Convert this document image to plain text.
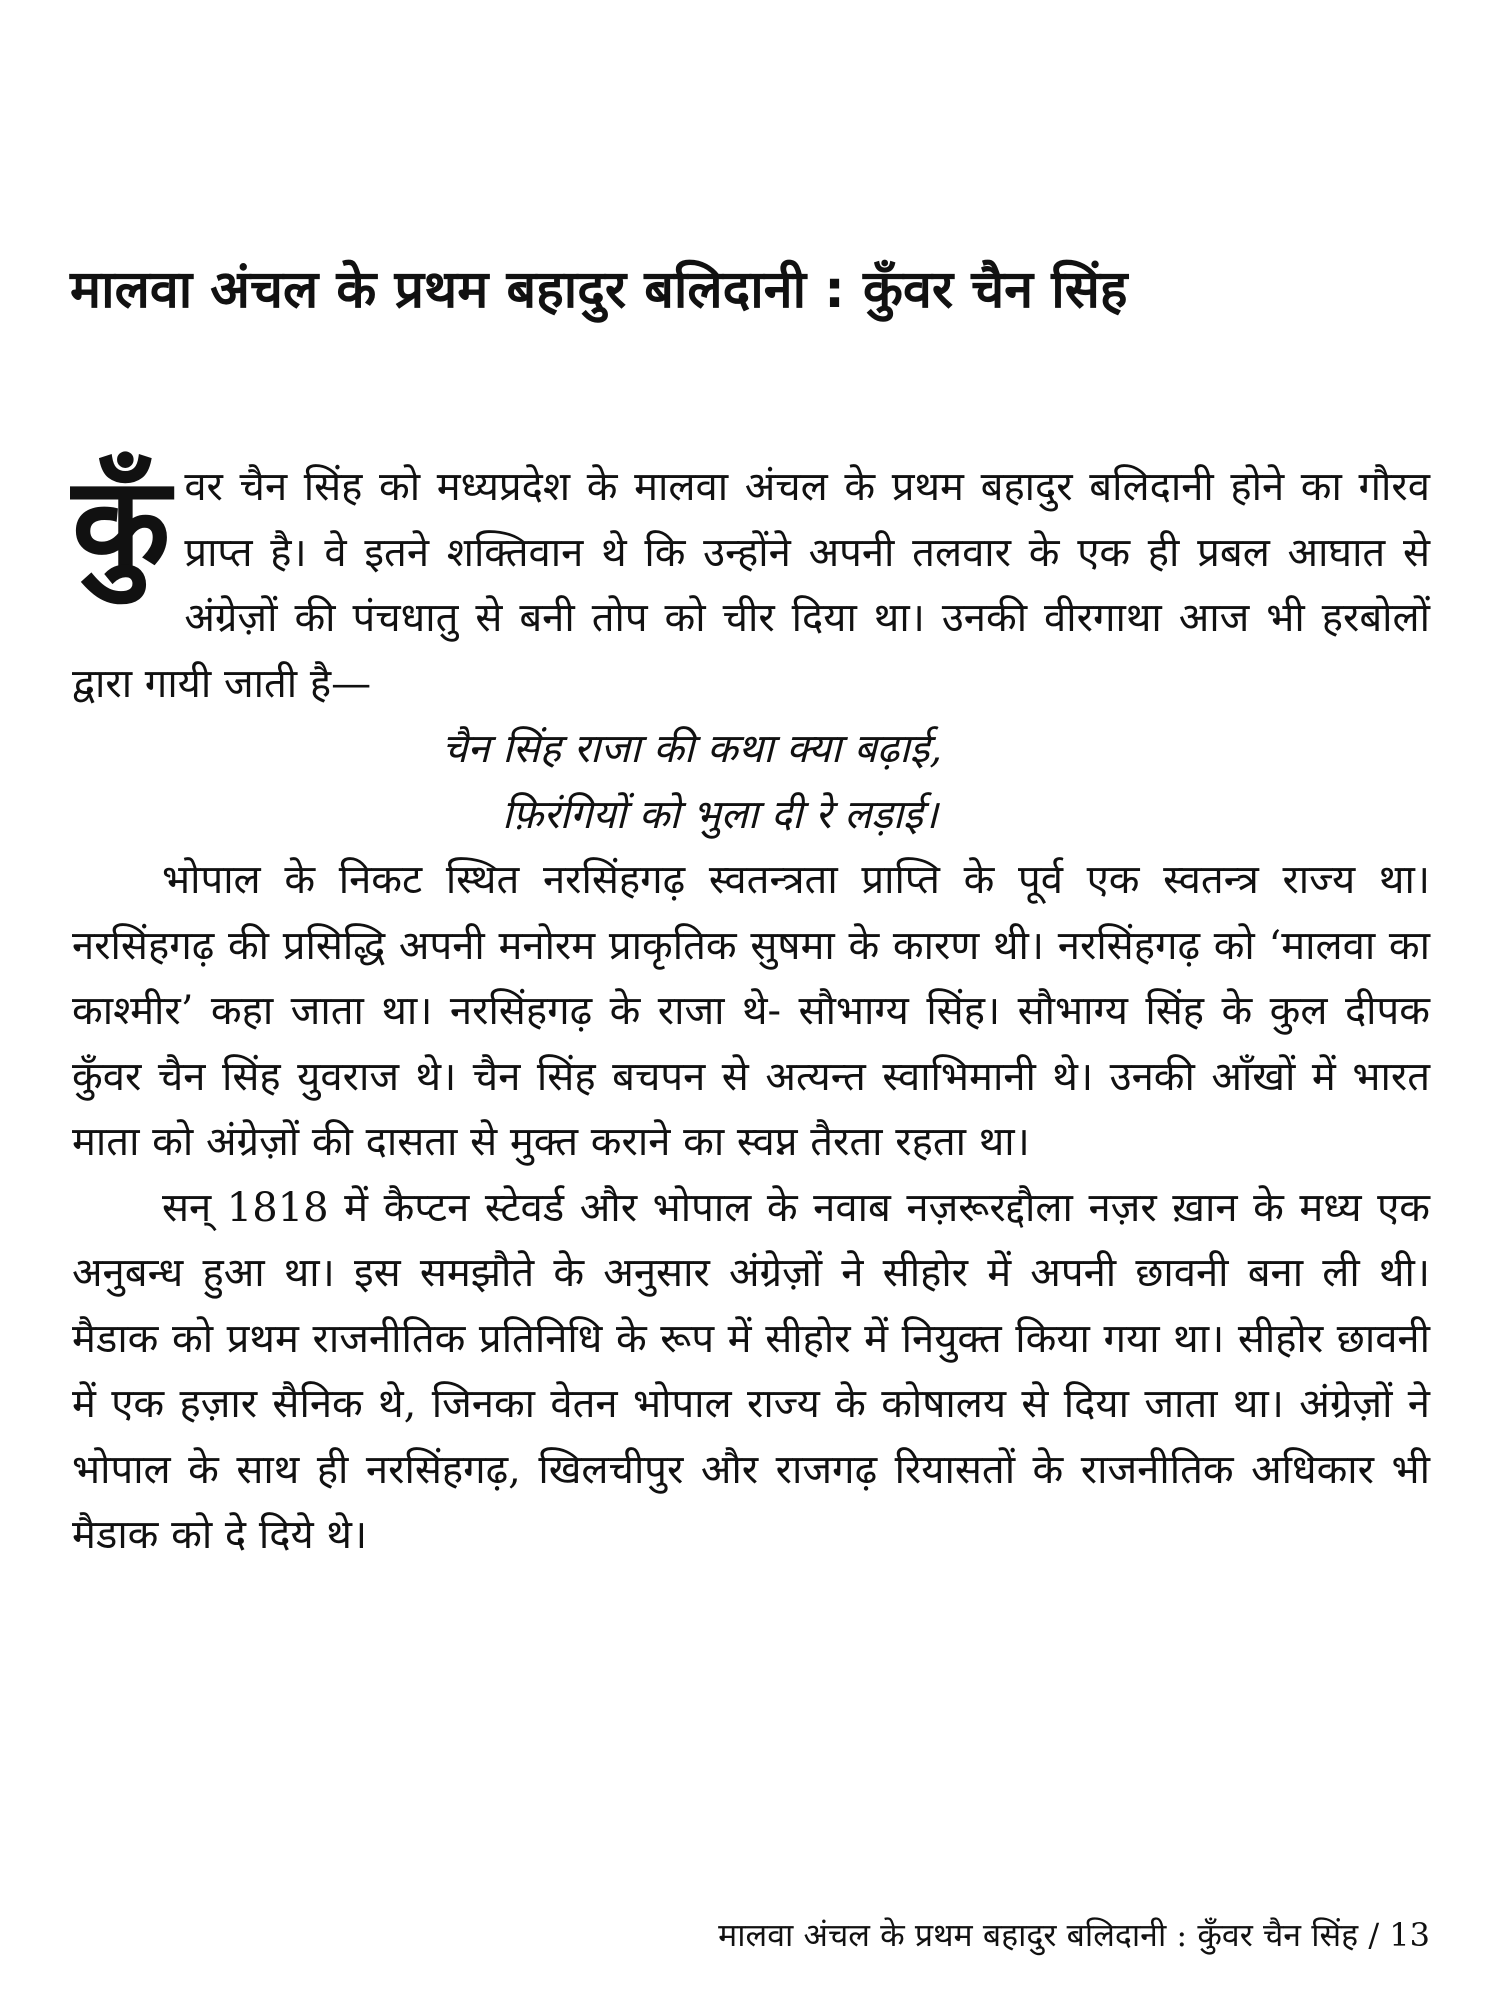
मालवा अंचल के प्रथम बहादुर बलिदानी : कुँवर चैन सिंह

कुँवर चैन सिंह को मध्यप्रदेश के मालवा अंचल के प्रथम बहादुर बलिदानी होने का गौरव प्राप्त है। वे इतने शक्तिवान थे कि उन्होंने अपनी तलवार के एक ही प्रबल आघात से अंग्रेज़ों की पंचधातु से बनी तोप को चीर दिया था। उनकी वीरगाथा आज भी हरबोलों द्वारा गायी जाती है—

चैन सिंह राजा की कथा क्या बढ़ाई,

फ़िरंगियों को भुला दी रे लड़ाई।

भोपाल के निकट स्थित नरसिंहगढ़ स्वतन्त्रता प्राप्ति के पूर्व एक स्वतन्त्र राज्य था। नरसिंहगढ़ की प्रसिद्धि अपनी मनोरम प्राकृतिक सुषमा के कारण थी। नरसिंहगढ़ को ‘मालवा का काश्मीर’ कहा जाता था। नरसिंहगढ़ के राजा थे- सौभाग्य सिंह। सौभाग्य सिंह के कुल दीपक कुँवर चैन सिंह युवराज थे। चैन सिंह बचपन से अत्यन्त स्वाभिमानी थे। उनकी आँखों में भारत माता को अंग्रेज़ों की दासता से मुक्त कराने का स्वप्न तैरता रहता था।

सन् 1818 में कैप्टन स्टेवर्ड और भोपाल के नवाब नज़रूरद्दौला नज़र ख़ान के मध्य एक अनुबन्ध हुआ था। इस समझौते के अनुसार अंग्रेज़ों ने सीहोर में अपनी छावनी बना ली थी। मैडाक को प्रथम राजनीतिक प्रतिनिधि के रूप में सीहोर में नियुक्त किया गया था। सीहोर छावनी में एक हज़ार सैनिक थे, जिनका वेतन भोपाल राज्य के कोषालय से दिया जाता था। अंग्रेज़ों ने भोपाल के साथ ही नरसिंहगढ़, खिलचीपुर और राजगढ़ रियासतों के राजनीतिक अधिकार भी मैडाक को दे दिये थे।

मालवा अंचल के प्रथम बहादुर बलिदानी : कुँवर चैन सिंह / 13
